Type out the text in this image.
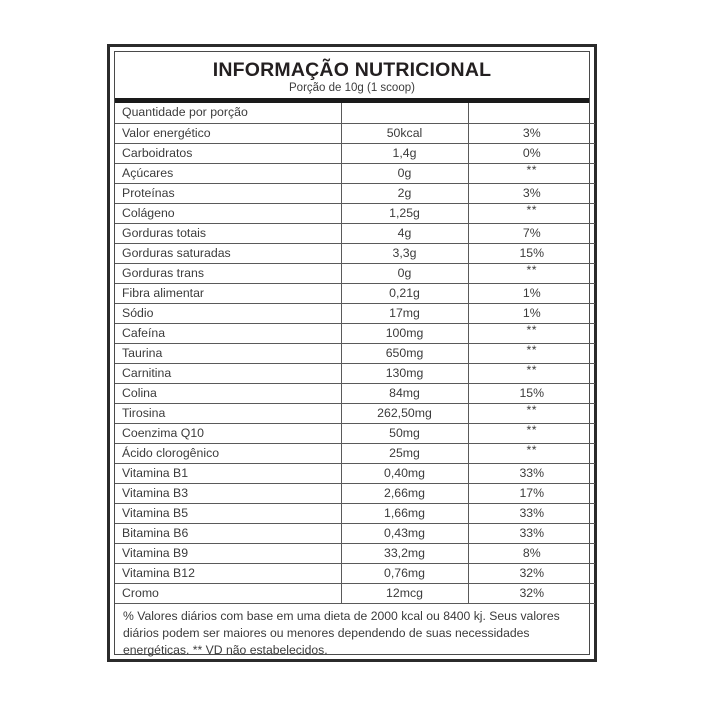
INFORMAÇÃO NUTRICIONAL
Porção de 10g (1 scoop)
Quantidade por porção		
Valor energético	50kcal	3%
Carboidratos	1,4g	0%
Açúcares	0g	**
Proteínas	2g	3%
Colágeno	1,25g	**
Gorduras totais	4g	7%
Gorduras saturadas	3,3g	15%
Gorduras trans	0g	**
Fibra alimentar	0,21g	1%
Sódio	17mg	1%
Cafeína	100mg	**
Taurina	650mg	**
Carnitina	130mg	**
Colina	84mg	15%
Tirosina	262,50mg	**
Coenzima Q10	50mg	**
Ácido clorogênico	25mg	**
Vitamina B1	0,40mg	33%
Vitamina B3	2,66mg	17%
Vitamina B5	1,66mg	33%
Bitamina B6	0,43mg	33%
Vitamina B9	33,2mg	8%
Vitamina B12	0,76mg	32%
Cromo	12mcg	32%
% Valores diários com base em uma dieta de 2000 kcal ou 8400 kj. Seus valores diários podem ser maiores ou menores dependendo de suas necessidades energéticas. ** VD não estabelecidos.
